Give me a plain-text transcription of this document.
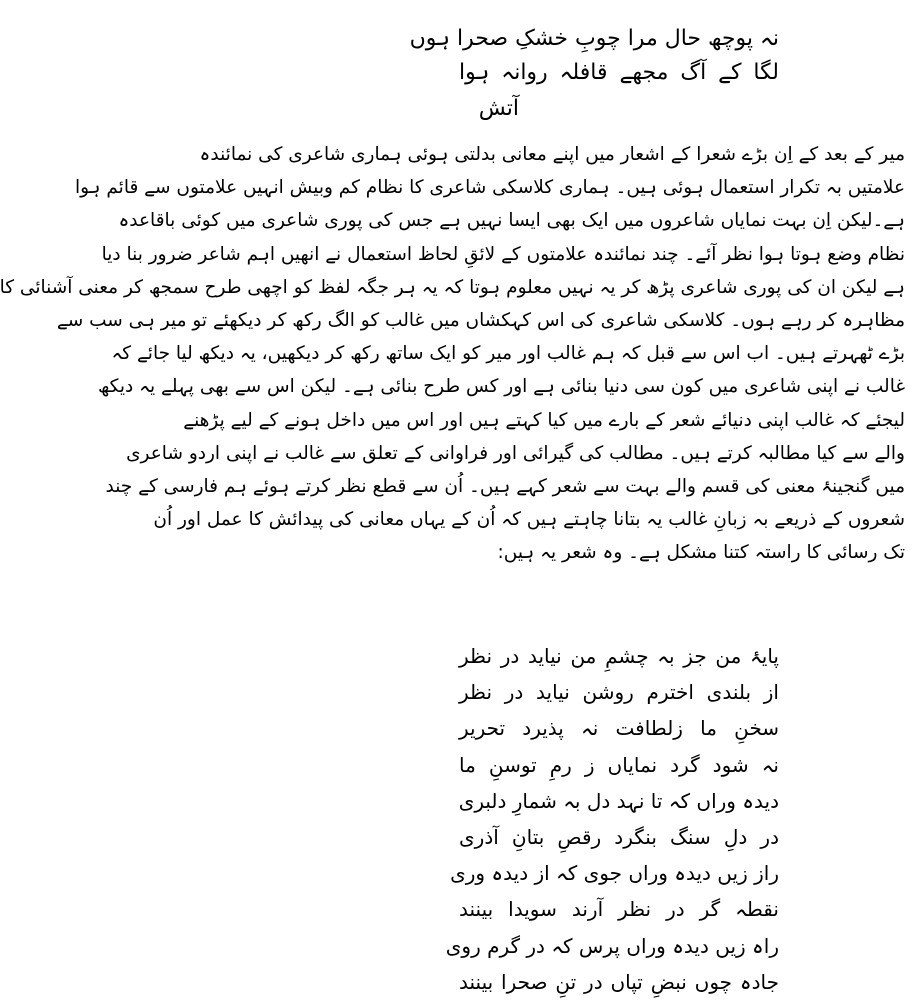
نہ پوچھ حال مرا چوبِ خشکِ صحرا ہوں
لگا کے آگ مجھے قافلہ روانہ ہوا
آتش
میر کے بعد کے اِن بڑے شعرا کے اشعار میں اپنے معانی بدلتی ہوئی ہماری شاعری کی نمائندہ
علامتیں بہ تکرار استعمال ہوئی ہیں۔ ہماری کلاسکی شاعری کا نظام کم وبیش انہیں علامتوں سے قائم ہوا
ہے۔لیکن اِن بہت نمایاں شاعروں میں ایک بھی ایسا نہیں ہے جس کی پوری شاعری میں کوئی باقاعدہ
نظام وضع ہوتا ہوا نظر آئے۔ چند نمائندہ علامتوں کے لائقِ لحاظ استعمال نے انھیں اہم شاعر ضرور بنا دیا
ہے لیکن ان کی پوری شاعری پڑھ کر یہ نہیں معلوم ہوتا کہ یہ ہر جگہ لفظ کو اچھی طرح سمجھ کر معنی آشنائی کا
مظاہرہ کر رہے ہوں۔ کلاسکی شاعری کی اس کہکشاں میں غالب کو الگ رکھ کر دیکھئے تو میر ہی سب سے
بڑے ٹھہرتے ہیں۔ اب اس سے قبل کہ ہم غالب اور میر کو ایک ساتھ رکھ کر دیکھیں، یہ دیکھ لیا جائے کہ
غالب نے اپنی شاعری میں کون سی دنیا بنائی ہے اور کس طرح بنائی ہے۔ لیکن اس سے بھی پہلے یہ دیکھ
لیجئے کہ غالب اپنی دنیائے شعر کے بارے میں کیا کہتے ہیں اور اس میں داخل ہونے کے لیے پڑھنے
والے سے کیا مطالبہ کرتے ہیں۔ مطالب کی گیرائی اور فراوانی کے تعلق سے غالب نے اپنی اردو شاعری
میں گنجینۂ معنی کی قسم والے بہت سے شعر کہے ہیں۔ اُن سے قطع نظر کرتے ہوئے ہم فارسی کے چند
شعروں کے ذریعے بہ زبانِ غالب یہ بتانا چاہتے ہیں کہ اُن کے یہاں معانی کی پیدائش کا عمل اور اُن
تک رسائی کا راستہ کتنا مشکل ہے۔ وہ شعر یہ ہیں:
پایۂ من جز بہ چشمِ من نیاید در نظر
از بلندی اخترم روشن نیاید در نظر
سخنِ ما زلطافت نہ پذیرد تحریر
نہ شود گرد نمایاں ز رمِ توسنِ ما
دیدہ وراں کہ تا نہد دل بہ شمارِ دلبری
در دلِ سنگ بنگرد رقصِ بتانِ آذری
راز زیں دیدہ وراں جوی کہ از دیدہ وری
نقطہ گر در نظر آرند سویدا بینند
راہ زیں دیدہ وراں پرس کہ در گرم روی
جادہ چوں نبضِ تپاں در تنِ صحرا بینند
